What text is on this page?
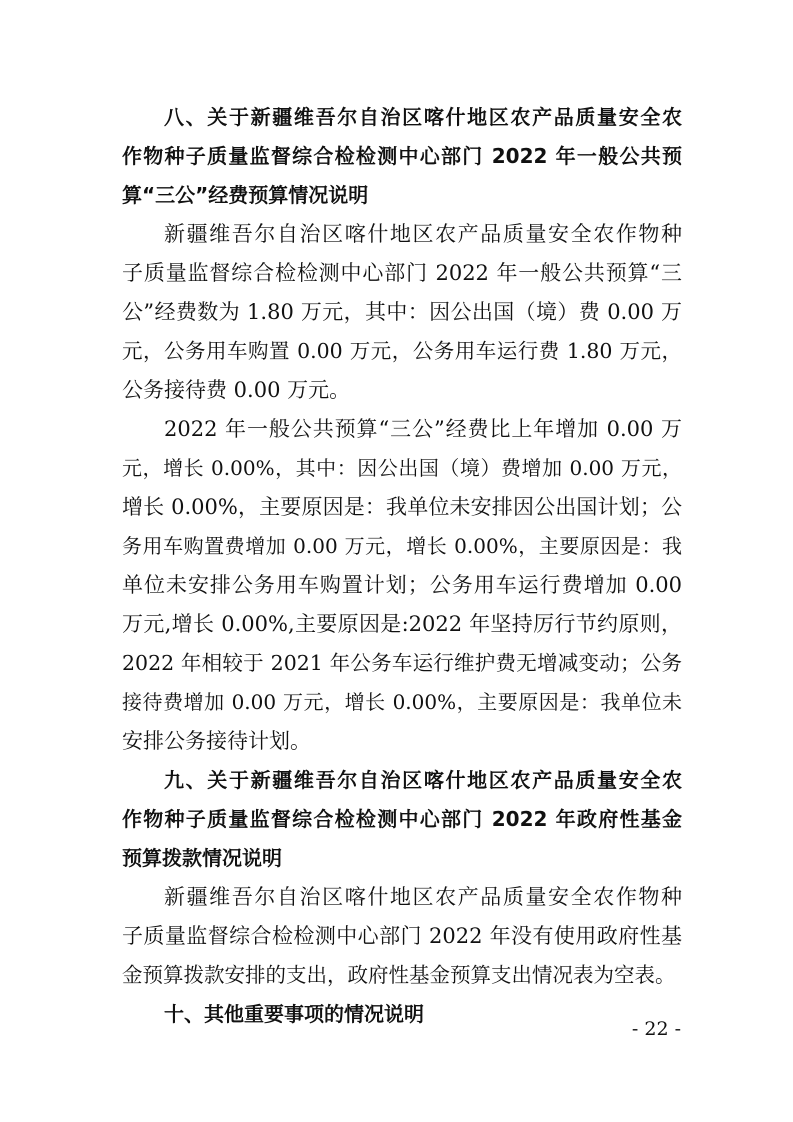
八、关于新疆维吾尔自治区喀什地区农产品质量安全农
作物种子质量监督综合检检测中心部门 2022 年一般公共预
算“三公”经费预算情况说明
新疆维吾尔自治区喀什地区农产品质量安全农作物种
子质量监督综合检检测中心部门 2022 年一般公共预算“三
公”经费数为 1.80 万元，其中：因公出国（境）费 0.00 万
元，公务用车购置 0.00 万元，公务用车运行费 1.80 万元，
公务接待费 0.00 万元。
2022 年一般公共预算“三公”经费比上年增加 0.00 万
元，增长 0.00%，其中：因公出国（境）费增加 0.00 万元，
增长 0.00%，主要原因是：我单位未安排因公出国计划；公
务用车购置费增加 0.00 万元，增长 0.00%，主要原因是：我
单位未安排公务用车购置计划；公务用车运行费增加 0.00
万元,增长 0.00%,主要原因是:2022 年坚持厉行节约原则，
2022 年相较于 2021 年公务车运行维护费无增减变动；公务
接待费增加 0.00 万元，增长 0.00%，主要原因是：我单位未
安排公务接待计划。
九、关于新疆维吾尔自治区喀什地区农产品质量安全农
作物种子质量监督综合检检测中心部门 2022 年政府性基金
预算拨款情况说明
新疆维吾尔自治区喀什地区农产品质量安全农作物种
子质量监督综合检检测中心部门 2022 年没有使用政府性基
金预算拨款安排的支出，政府性基金预算支出情况表为空表。
十、其他重要事项的情况说明
- 22 -
